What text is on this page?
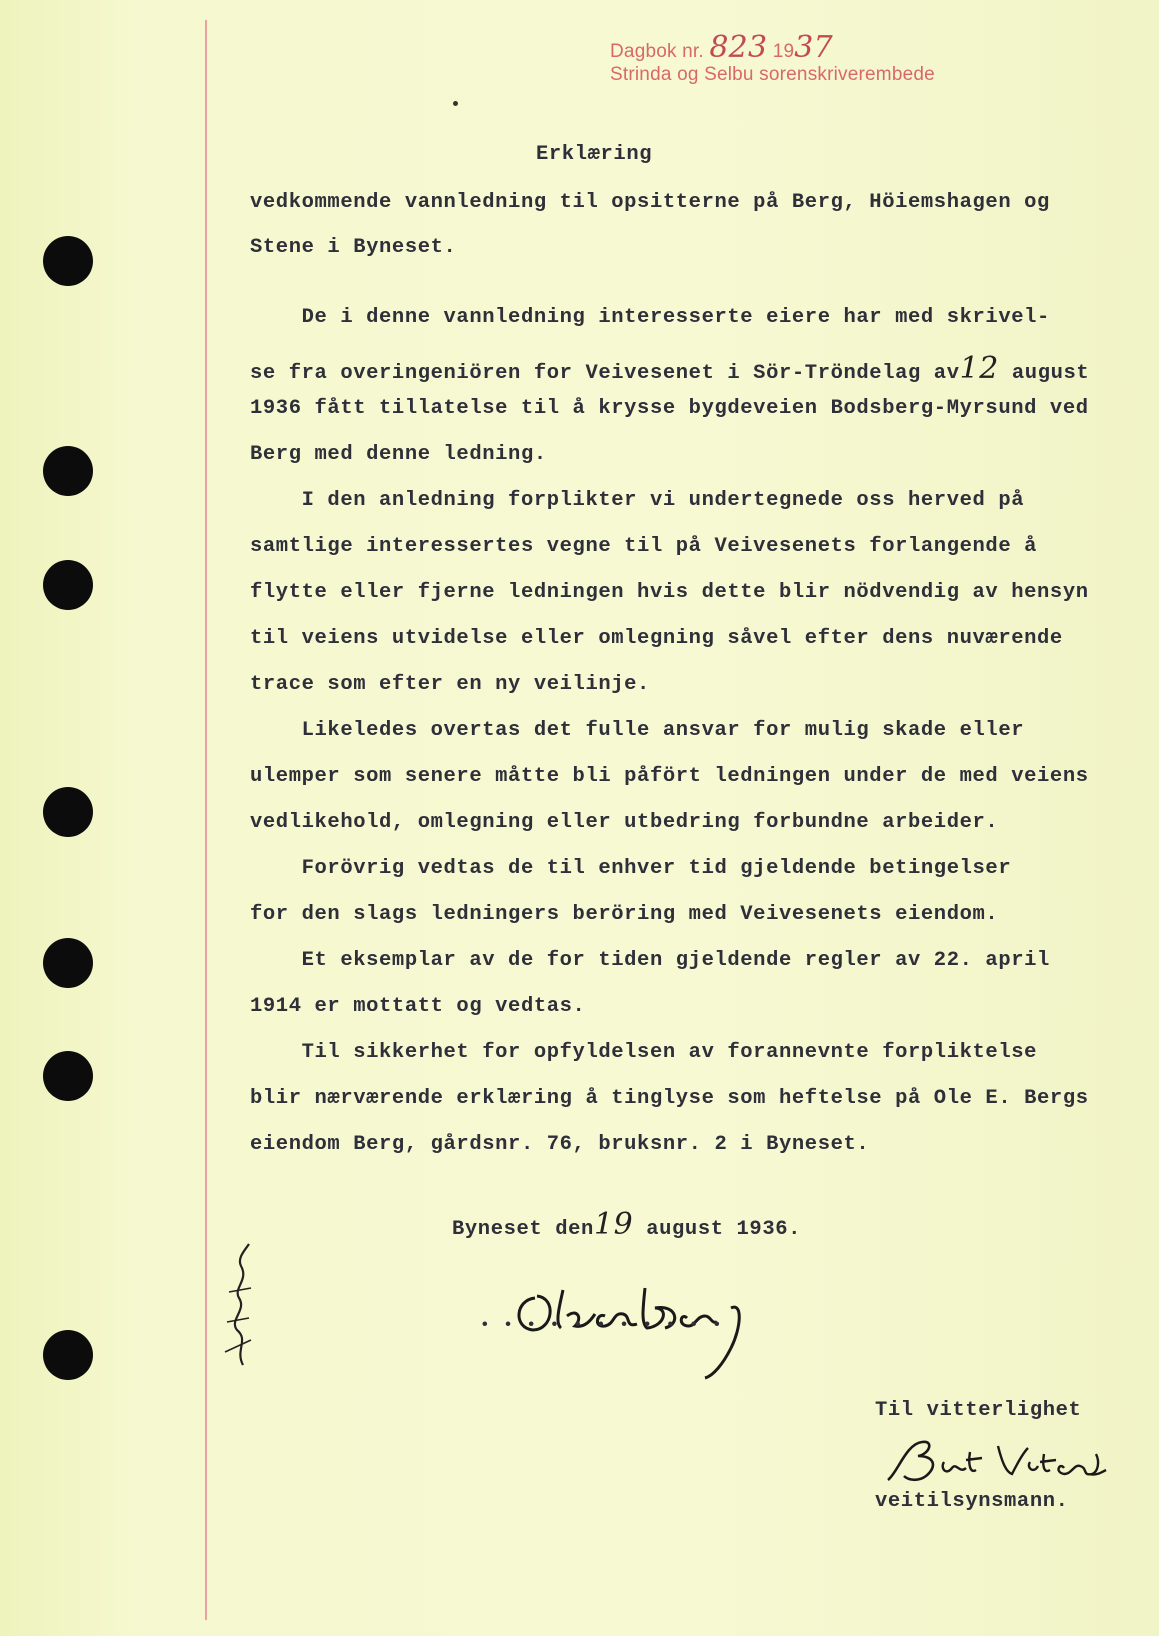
Dagbok nr. 823 1937
Strinda og Selbu sorenskriverembede
Erklæring
vedkommende vannledning til opsitterne på Berg, Höiemshagen og
Stene i Byneset.
De i denne vannledning interesserte eiere har med skrivel-
se fra overingeniören for Veivesenet i Sör-Tröndelag av12 august
1936 fått tillatelse til å krysse bygdeveien Bodsberg-Myrsund ved
Berg med denne ledning.
I den anledning forplikter vi undertegnede oss herved på
samtlige interessertes vegne til på Veivesenets forlangende å
flytte eller fjerne ledningen hvis dette blir nödvendig av hensyn
til veiens utvidelse eller omlegning såvel efter dens nuværende
trace som efter en ny veilinje.
Likeledes overtas det fulle ansvar for mulig skade eller
ulemper som senere måtte bli påfört ledningen under de med veiens
vedlikehold, omlegning eller utbedring forbundne arbeider.
Forövrig vedtas de til enhver tid gjeldende betingelser
for den slags ledningers beröring med Veivesenets eiendom.
Et eksemplar av de for tiden gjeldende regler av 22. april
1914 er mottatt og vedtas.
Til sikkerhet for opfyldelsen av forannevnte forpliktelse
blir nærværende erklæring å tinglyse som heftelse på Ole E. Bergs
eiendom Berg, gårdsnr. 76, bruksnr. 2 i Byneset.
Byneset den19 august 1936.
• • • • • • • • • • •
Til vitterlighet
veitilsynsmann.
